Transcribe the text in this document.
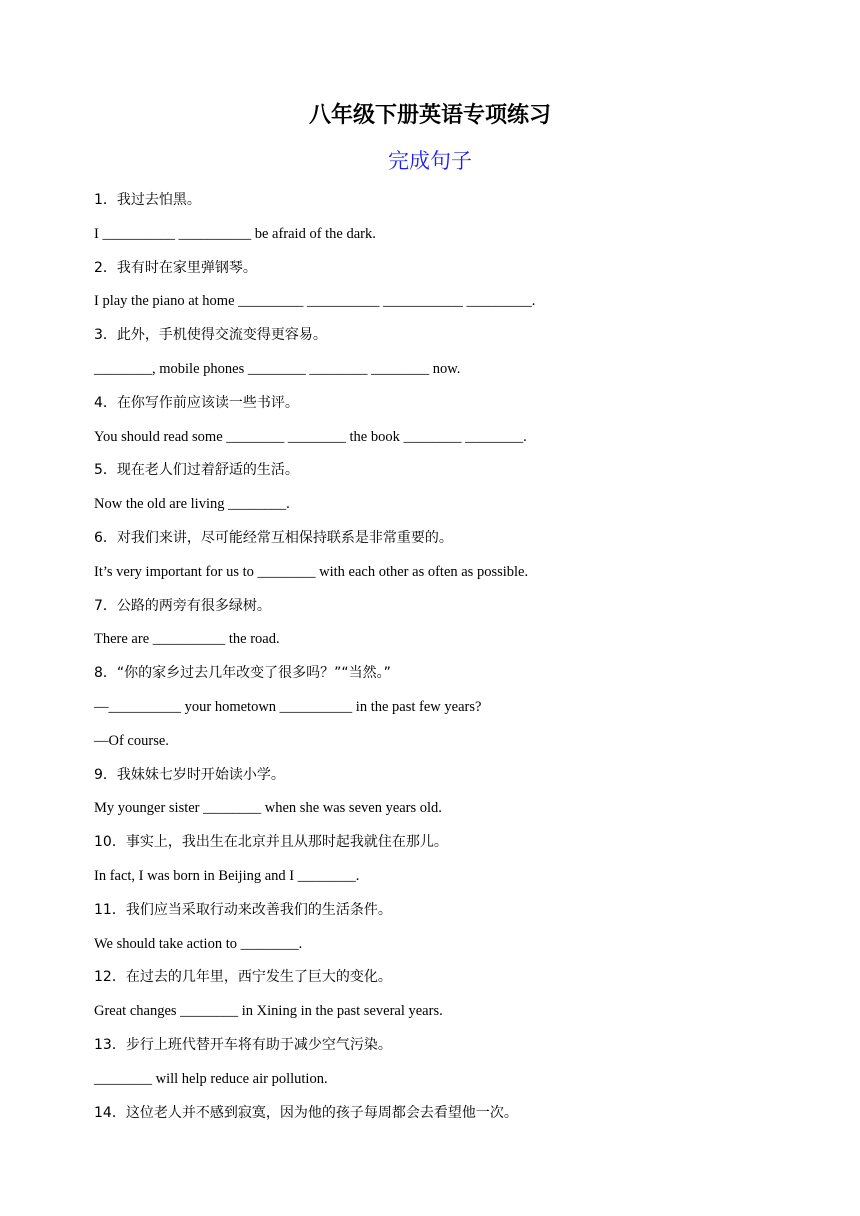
八年级下册英语专项练习
完成句子
1．我过去怕黑。
I __________ __________ be afraid of the dark.
2．我有时在家里弹钢琴。
I play the piano at home _________ __________ ___________ _________.
3．此外，手机使得交流变得更容易。
________, mobile phones ________ ________ ________ now.
4．在你写作前应该读一些书评。
You should read some ________ ________ the book ________ ________.
5．现在老人们过着舒适的生活。
Now the old are living ________.
6．对我们来讲，尽可能经常互相保持联系是非常重要的。
It’s very important for us to ________ with each other as often as possible.
7．公路的两旁有很多绿树。
There are __________ the road.
8．“你的家乡过去几年改变了很多吗？”“当然。”
—__________ your hometown __________ in the past few years?
—Of course.
9．我妹妹七岁时开始读小学。
My younger sister ________ when she was seven years old.
10．事实上，我出生在北京并且从那时起我就住在那儿。
In fact, I was born in Beijing and I ________.
11．我们应当采取行动来改善我们的生活条件。
We should take action to ________.
12．在过去的几年里，西宁发生了巨大的变化。
Great changes ________ in Xining in the past several years.
13．步行上班代替开车将有助于减少空气污染。
________ will help reduce air pollution.
14．这位老人并不感到寂寞，因为他的孩子每周都会去看望他一次。
